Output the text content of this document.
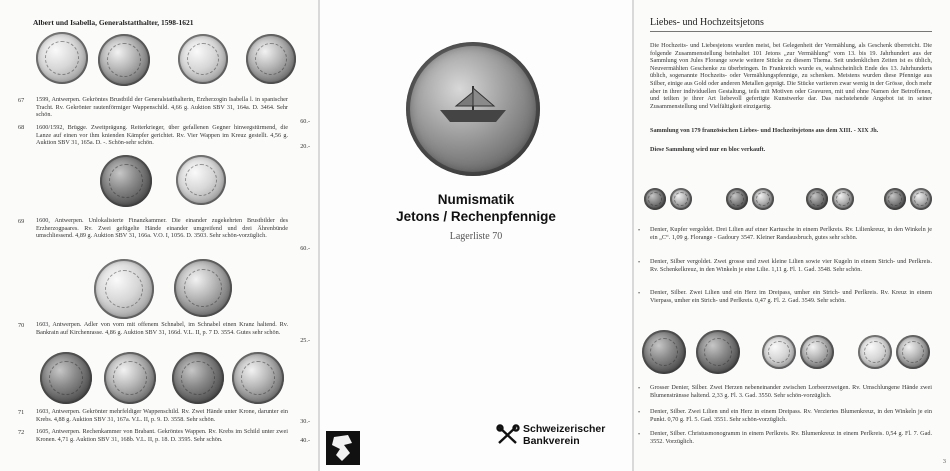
Albert und Isabella, Generalstatthalter, 1598-1621
67 1599, Antwerpen. Gekröntes Brustbild der Generalstatthalterin, Erzherzogin Isabella l. in spanischer Tracht. Rv. Gekrönter rautenförmiger Wappenschild. 4,66 g. Auktion SBV 31, 164a. D. 3464. Sehr schön.
60.-
68 1600/1592, Brügge. Zweitprägung. Reiterkrieger, über gefallenen Gegner hinwegstürmend, die Lanze auf einen vor ihm knienden Kämpfer gerichtet. Rv. Vier Wappen im Kreuz gestellt. 4,56 g. Auktion SBV 31, 165a. D. -. Schön-sehr schön.
20.-
69 1600, Antwerpen. Unlokalisierte Finanzkammer. Die einander zugekehrten Brustbilder des Erzherzogpaares. Rv. Zwei gefügelte Hände einander umgreifend und drei Ährenbünde umschliessend. 4,89 g. Auktion SBV 31, 166a. V.O. I, 1056. D. 3503. Sehr schön-vorzüglich.
60.-
70 1603, Antwerpen. Adler von vorn mit offenem Schnabel, im Schnabel einen Kranz haltend. Rv. Bankrain auf Kirchenrasse. 4,86 g. Auktion SBV 31, 166d. V.L. II, p. 7 D. 3554. Gutes sehr schön.
25.-
71 1603, Antwerpen. Gekrönter mehrfeldiger Wappenschild. Rv. Zwei Hände unter Krone, darunter ein Krebs. 4,88 g. Auktion SBV 31, 167a. V.L. II, p. 9. D. 3558. Sehr schön.	30.-
72 1605, Antwerpen. Rechenkammer von Brabant. Gekröntes Wappen. Rv. Krebs im Schild unter zwei Kronen. 4,71 g. Auktion SBV 31, 168b. V.L. II, p. 18. D. 3595. Sehr schön.	40.-
Numismatik
Jetons / Rechenpfennige
Lagerliste 70
Schweizerischer
Bankverein
Liebes- und Hochzeitsjetons
Die Hochzeits- und Liebesjetons wurden meist, bei Gelegenheit der Vermählung, als Geschenk überreicht. Die folgende Zusammenstellung beinhaltet 101 Jetons „zur Vermählung“ vom 13. bis 19. Jahrhundert aus der Sammlung von Jules Florange sowie weitere Stücke zu diesem Thema. Seit undenklichen Zeiten ist es üblich, Neuvermählten Geschenke zu überbringen. In Frankreich wurde es, wahrscheinlich Ende des 13. Jahrhunderts üblich, sogenannte Hochzeits- oder Vermählungspfennige, zu schenken. Meistens wurden diese Pfennige aus Silber, einige aus Gold oder anderen Metallen geprägt. Die Stücke variieren zwar wenig in der Grösse, doch mehr aber in ihrer individuellen Gestaltung, teils mit Motiven oder Gravuren, mit und ohne Namen der Betroffenen, und teilten je ihrer Art liebevoll gefertigte Kunstwerke dar. Das nachstehende Angebot ist in seiner Zusammenstellung und Vielfältigkeit einzigartig.
Sammlung von 179 französischen Liebes- und Hochzeitsjetons aus dem XIII. - XIX Jh.
Diese Sammlung wird nur en bloc verkauft.
• Denier, Kupfer vergoldet. Drei Lilien auf einer Kartusche in einem Perlkreis. Rv. Lilienkreuz, in den Winkeln je ein „C“. 1,09 g. Florange - Gadoury 3547. Kleiner Randausbruch, gutes sehr schön.
• Denier, Silber vergoldet. Zwei grosse und zwei kleine Lilien sowie vier Kugeln in einem Strich- und Perlkreis. Rv. Schenkelkreuz, in den Winkeln je eine Lilie. 1,11 g. Fl. 1. Gad. 3548. Sehr schön.
• Denier, Silber. Zwei Lilien und ein Herz im Dreipass, umher ein Strich- und Perlkreis. Rv. Kreuz in einem Vierpass, umher ein Strich- und Perlkreis. 0,47 g. Fl. 2. Gad. 3549. Sehr schön.
• Grosser Denier, Silber. Zwei Herzen nebeneinander zwischen Lorbeerzweigen. Rv. Umschlungene Hände zwei Blumenstränsse haltend. 2,33 g. Fl. 3. Gad. 3550. Sehr schön-vorzüglich.
• Denier, Silber. Zwei Lilien und ein Herz in einem Dreipass. Rv. Verziertes Blumenkreuz, in den Winkeln je ein Punkt. 0,70 g. Fl. 5. Gad. 3551. Sehr schön-vorzüglich.
• Denier, Silber. Christusmonogramm in einem Perlkreis. Rv. Blumenkreuz in einem Perlkreis. 0,54 g. Fl. 7. Gad. 3552. Vorzüglich.
3
